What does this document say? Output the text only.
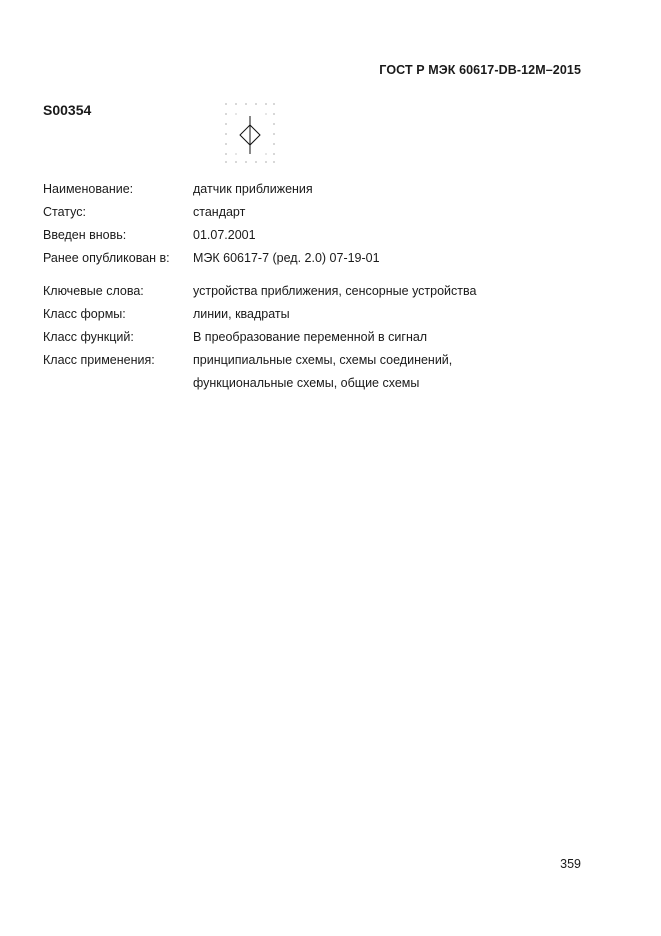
ГОСТ Р МЭК 60617-DB-12M–2015
S00354
Наименование:	датчик приближения
Статус:	стандарт
Введен вновь:	01.07.2001
Ранее опубликован в:	МЭК 60617-7 (ред. 2.0) 07-19-01
Ключевые слова:	устройства приближения, сенсорные устройства
Класс формы:	линии, квадраты
Класс функций:	В преобразование переменной в сигнал
Класс применения:	принципиальные схемы, схемы соединений,
функциональные схемы, общие схемы
359
